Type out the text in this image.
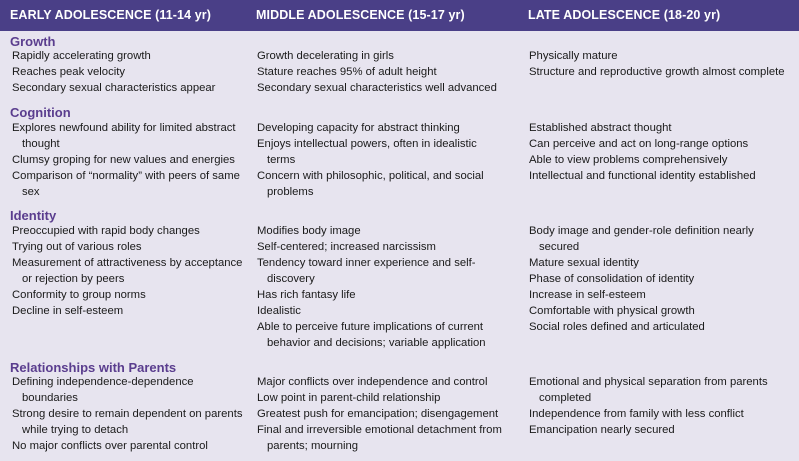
EARLY ADOLESCENCE (11-14 yr)	MIDDLE ADOLESCENCE (15-17 yr)	LATE ADOLESCENCE (18-20 yr)
Growth
Rapidly accelerating growth
Reaches peak velocity
Secondary sexual characteristics appear
Growth decelerating in girls
Stature reaches 95% of adult height
Secondary sexual characteristics well advanced
Physically mature
Structure and reproductive growth almost complete
Cognition
Explores newfound ability for limited abstract thought
Clumsy groping for new values and energies
Comparison of “normality” with peers of same sex
Developing capacity for abstract thinking
Enjoys intellectual powers, often in idealistic terms
Concern with philosophic, political, and social problems
Established abstract thought
Can perceive and act on long-range options
Able to view problems comprehensively
Intellectual and functional identity established
Identity
Preoccupied with rapid body changes
Trying out of various roles
Measurement of attractiveness by acceptance or rejection by peers
Conformity to group norms
Decline in self-esteem
Modifies body image
Self-centered; increased narcissism
Tendency toward inner experience and self-discovery
Has rich fantasy life
Idealistic
Able to perceive future implications of current behavior and decisions; variable application
Body image and gender-role definition nearly secured
Mature sexual identity
Phase of consolidation of identity
Increase in self-esteem
Comfortable with physical growth
Social roles defined and articulated
Relationships with Parents
Defining independence-dependence boundaries
Strong desire to remain dependent on parents while trying to detach
No major conflicts over parental control
Major conflicts over independence and control
Low point in parent-child relationship
Greatest push for emancipation; disengagement
Final and irreversible emotional detachment from parents; mourning
Emotional and physical separation from parents completed
Independence from family with less conflict
Emancipation nearly secured
